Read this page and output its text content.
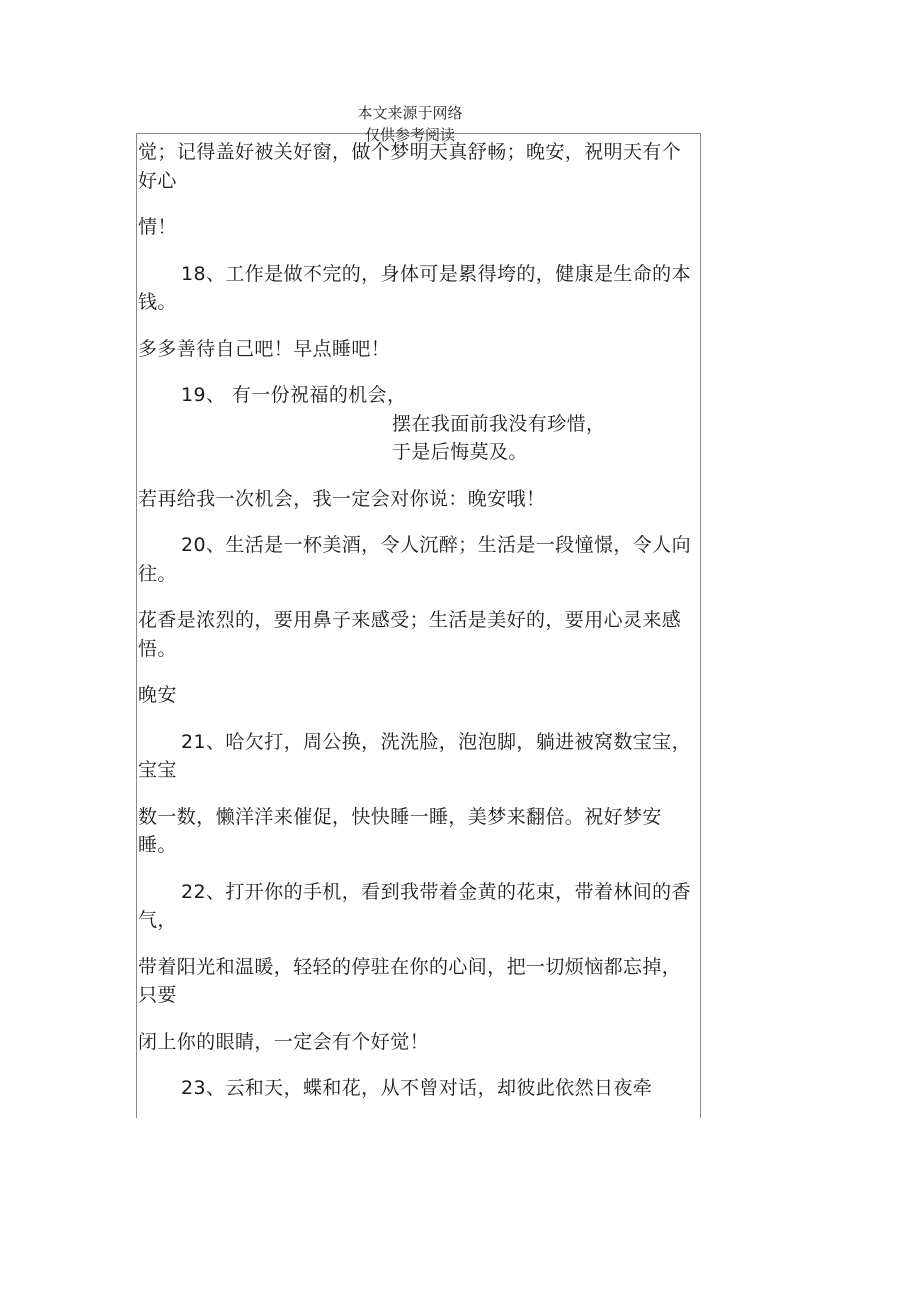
本文来源于网络
仅供参考阅读

觉；记得盖好被关好窗，做个梦明天真舒畅；晚安，祝明天有个好心

情！

18、工作是做不完的，身体可是累得垮的，健康是生命的本钱。

多多善待自己吧！早点睡吧！

19、 有一份祝福的机会，
摆在我面前我没有珍惜，
于是后悔莫及。

若再给我一次机会，我一定会对你说：晚安哦！

20、生活是一杯美酒，令人沉醉；生活是一段憧憬，令人向往。

花香是浓烈的，要用鼻子来感受；生活是美好的，要用心灵来感悟。

晚安

21、哈欠打，周公换，洗洗脸，泡泡脚，躺进被窝数宝宝，宝宝

数一数，懒洋洋来催促，快快睡一睡，美梦来翻倍。祝好梦安睡。

22、打开你的手机，看到我带着金黄的花束，带着林间的香气，

带着阳光和温暖，轻轻的停驻在你的心间，把一切烦恼都忘掉，只要

闭上你的眼睛，一定会有个好觉！

23、云和天，蝶和花，从不曾对话，却彼此依然日夜牵
